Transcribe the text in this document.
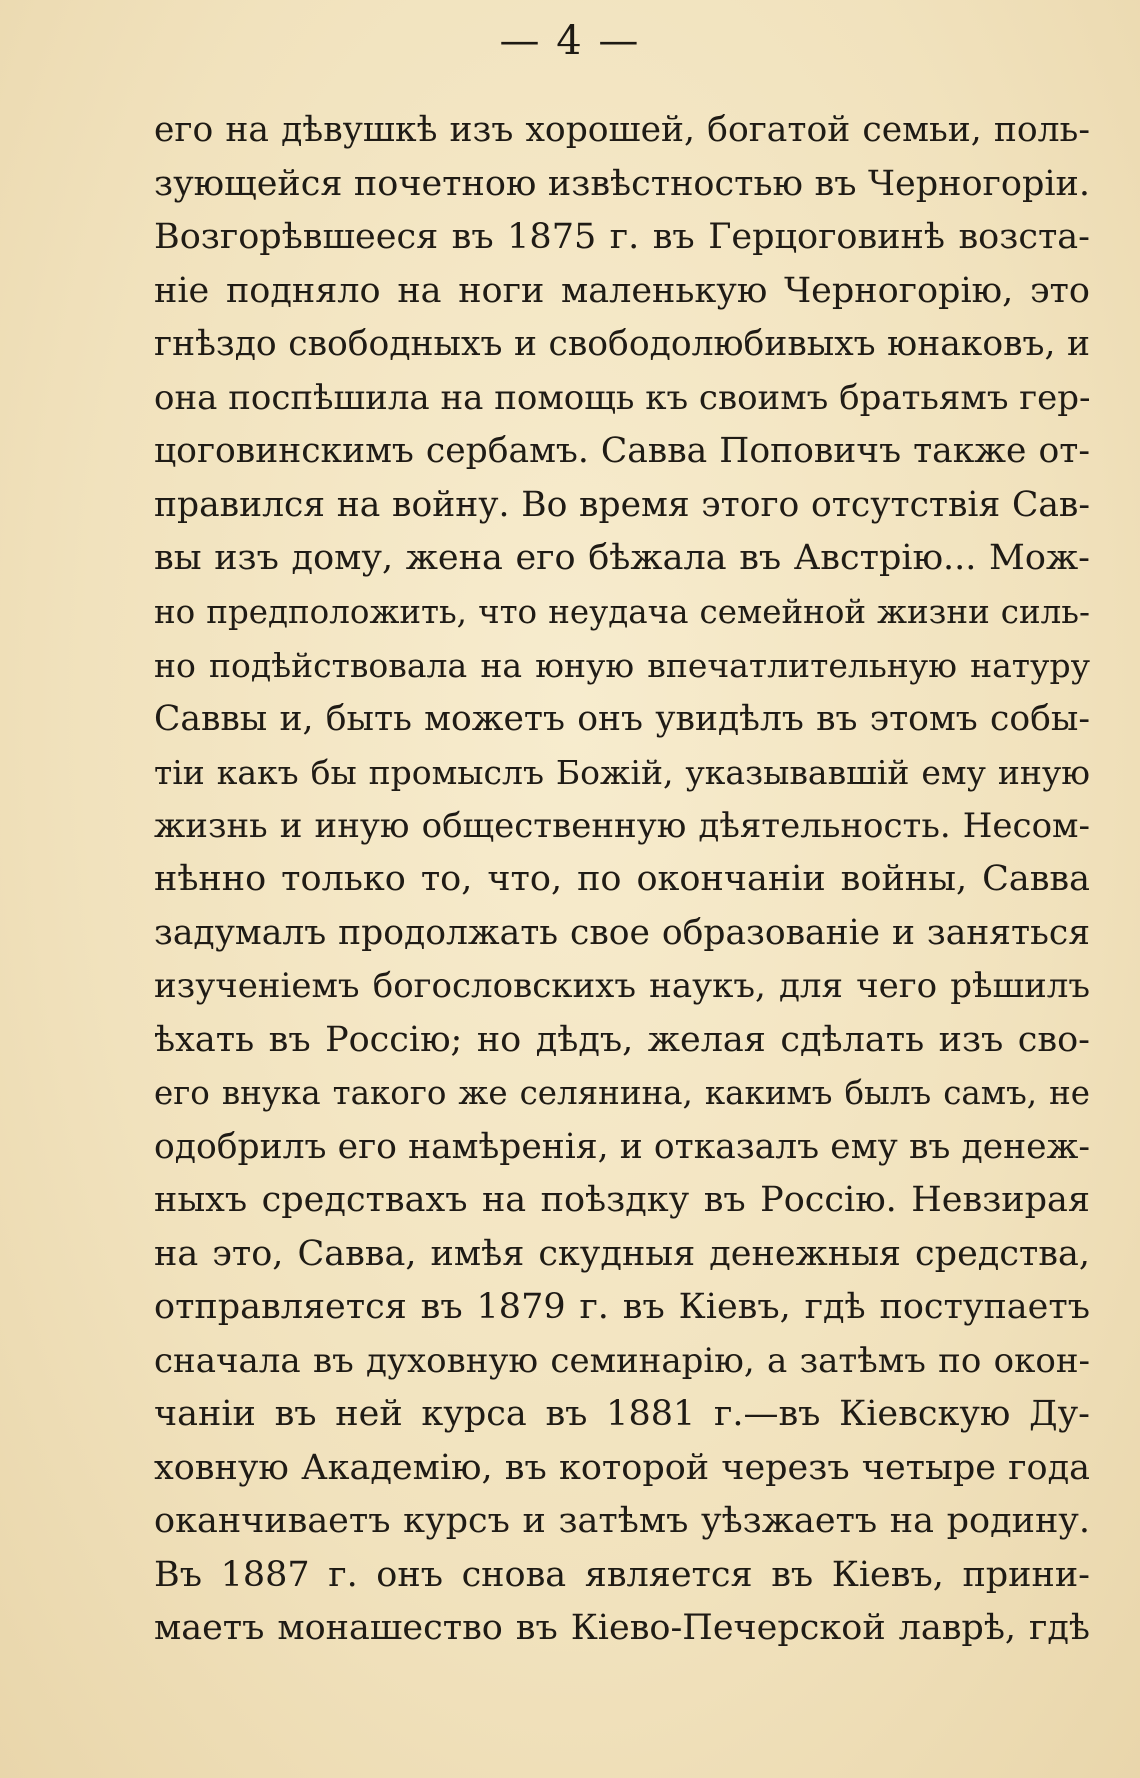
— 4 —
его на дѣвушкѣ изъ хорошей, богатой семьи, поль-
зующейся почетною извѣстностью въ Черногоріи.
Возгорѣвшееся въ 1875 г. въ Герцоговинѣ возста-
ніе подняло на ноги маленькую Черногорію, это
гнѣздо свободныхъ и свободолюбивыхъ юнаковъ, и
она поспѣшила на помощь къ своимъ братьямъ гер-
цоговинскимъ сербамъ. Савва Поповичъ также от-
правился на войну. Во время этого отсутствія Сав-
вы изъ дому, жена его бѣжала въ Австрію... Мож-
но предположить, что неудача семейной жизни силь-
но подѣйствовала на юную впечатлительную натуру
Саввы и, быть можетъ онъ увидѣлъ въ этомъ собы-
тіи какъ бы промыслъ Божій, указывавшій ему иную
жизнь и иную общественную дѣятельность. Несом-
нѣнно только то, что, по окончаніи войны, Савва
задумалъ продолжать свое образованіе и заняться
изученіемъ богословскихъ наукъ, для чего рѣшилъ
ѣхать въ Россію; но дѣдъ, желая сдѣлать изъ сво-
его внука такого же селянина, какимъ былъ самъ, не
одобрилъ его намѣренія, и отказалъ ему въ денеж-
ныхъ средствахъ на поѣздку въ Россію. Невзирая
на это, Савва, имѣя скудныя денежныя средства,
отправляется въ 1879 г. въ Кіевъ, гдѣ поступаетъ
сначала въ духовную семинарію, а затѣмъ по окон-
чаніи въ ней курса въ 1881 г.—въ Кіевскую Ду-
ховную Академію, въ которой черезъ четыре года
оканчиваетъ курсъ и затѣмъ уѣзжаетъ на родину.
Въ 1887 г. онъ снова является въ Кіевъ, прини-
маетъ монашество въ Кіево-Печерской лаврѣ, гдѣ
